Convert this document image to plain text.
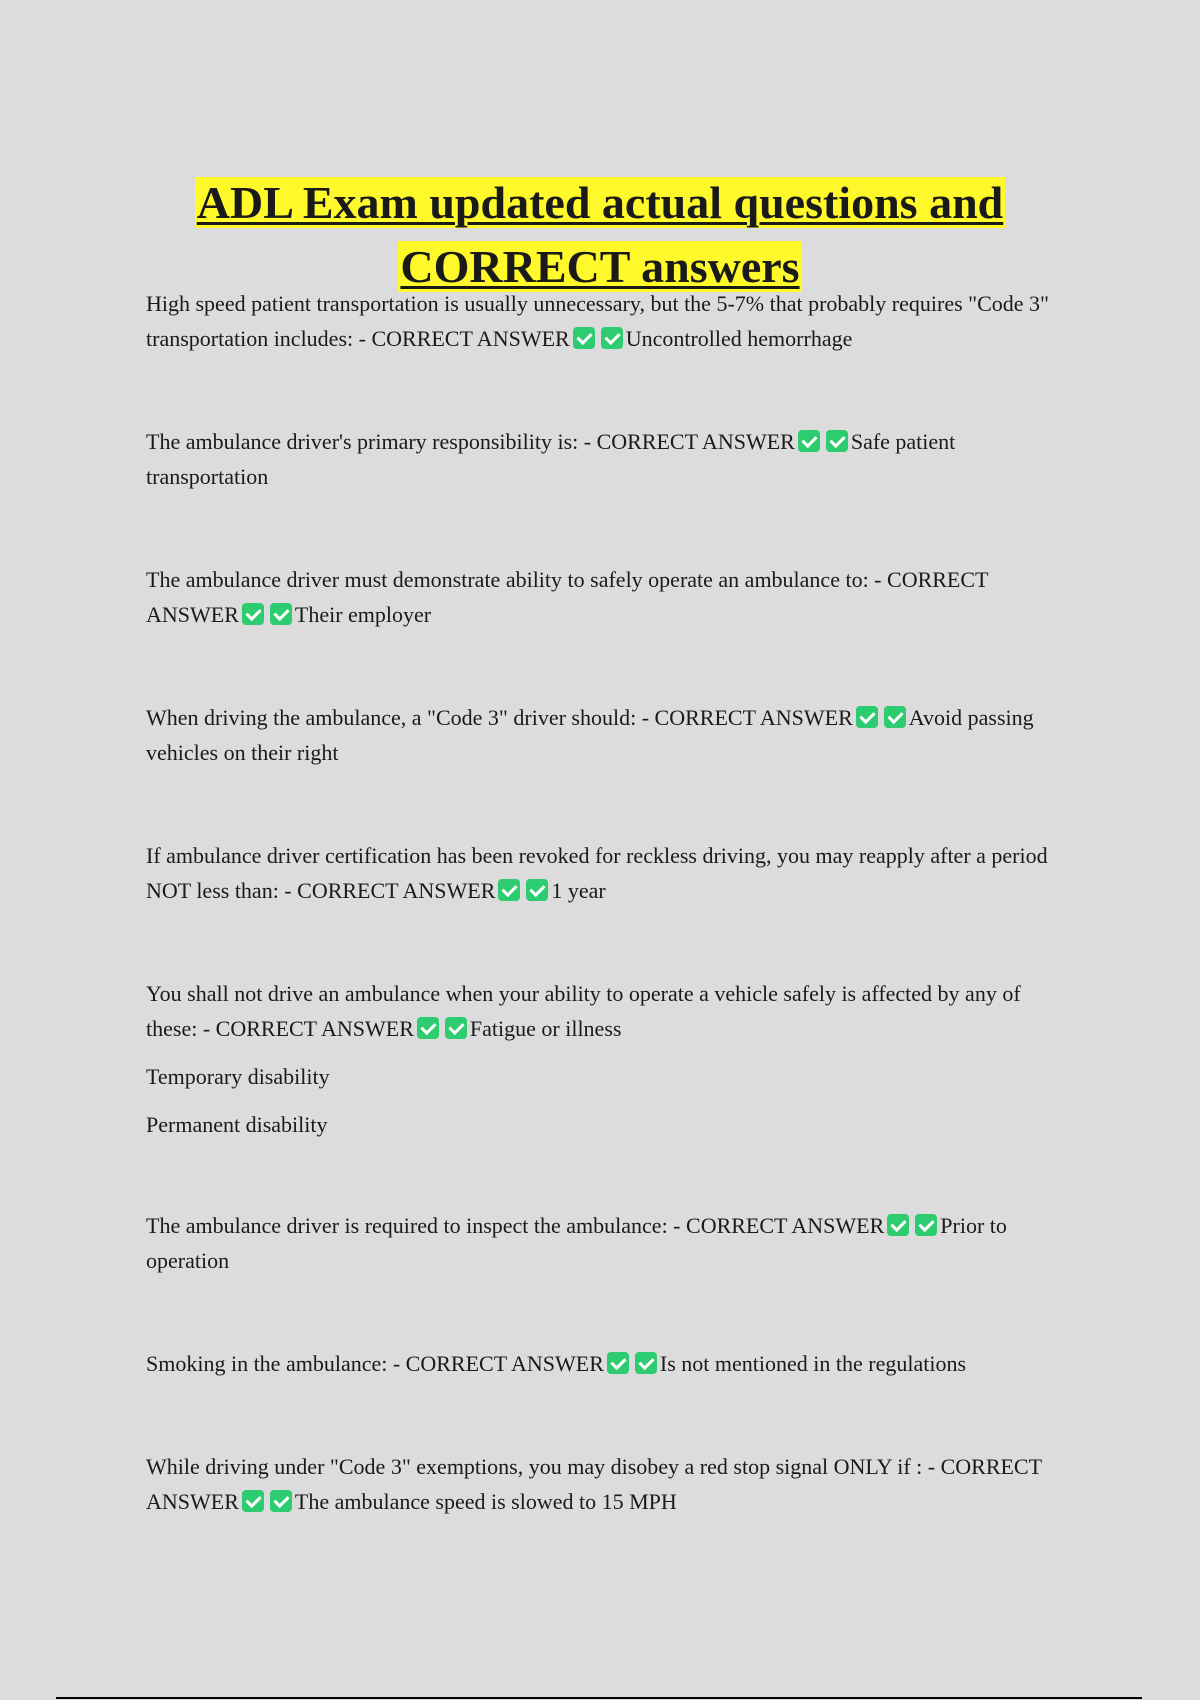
ADL Exam updated actual questions and
CORRECT answers

High speed patient transportation is usually unnecessary, but the 5-7% that probably requires "Code 3" transportation includes: - CORRECT ANSWER	Uncontrolled hemorrhage

The ambulance driver's primary responsibility is: - CORRECT ANSWER	Safe patient transportation

The ambulance driver must demonstrate ability to safely operate an ambulance to: - CORRECT ANSWER	Their employer

When driving the ambulance, a "Code 3" driver should: - CORRECT ANSWER	Avoid passing vehicles on their right

If ambulance driver certification has been revoked for reckless driving, you may reapply after a period NOT less than: - CORRECT ANSWER	1 year

You shall not drive an ambulance when your ability to operate a vehicle safely is affected by any of these: - CORRECT ANSWER	Fatigue or illness

Temporary disability

Permanent disability

The ambulance driver is required to inspect the ambulance: - CORRECT ANSWER	Prior to operation

Smoking in the ambulance: - CORRECT ANSWER	Is not mentioned in the regulations

While driving under "Code 3" exemptions, you may disobey a red stop signal ONLY if : - CORRECT ANSWER	The ambulance speed is slowed to 15 MPH
